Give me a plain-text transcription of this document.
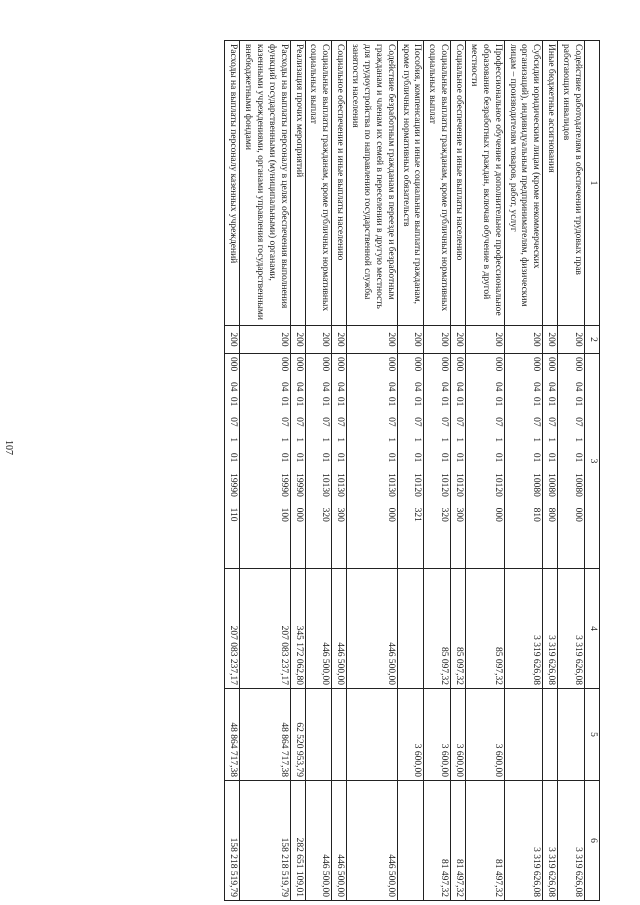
107
1	2	3	4	5	6
Содействие работодателям в обеспечении трудовых прав работающих инвалидов	200	000  04 01  07  1  01  10080  000	3 319 626,08		3 319 626,08
Иные бюджетные ассигнования	200	000  04 01  07  1  01  10080  800	3 319 626,08		3 319 626,08
Субсидии юридическим лицам (кроме некоммерческих организаций), индивидуальным предпринимателям, физическим лицам – производителям товаров, работ, услуг	200	000  04 01  07  1  01  10080  810	3 319 626,08		3 319 626,08
Профессиональное обучение и дополнительное профессиональное образование безработных граждан, включая обучение в другой местности	200	000  04 01  07  1  01  10120  000	85 097,32	3 600,00	81 497,32
Социальное обеспечение и иные выплаты населению	200	000  04 01  07  1  01  10120  300	85 097,32	3 600,00	81 497,32
Социальные выплаты гражданам, кроме публичных нормативных социальных выплат	200	000  04 01  07  1  01  10120  320	85 097,32	3 600,00	81 497,32
Пособия, компенсации и иные социальные выплаты гражданам, кроме публичных нормативных обязательств	200	000  04 01  07  1  01  10120  321		3 600,00	
Содействие безработным гражданам в переезде и безработным гражданам и членам их семей в переселении в другую местность для трудоустройства по направлению государственной службы занятости населения	200	000  04 01  07  1  01  10130  000	446 500,00		446 500,00
Социальное обеспечение и иные выплаты населению	200	000  04 01  07  1  01  10130  300	446 500,00		446 500,00
Социальные выплаты гражданам, кроме публичных нормативных социальных выплат	200	000  04 01  07  1  01  10130  320	446 500,00		446 500,00
Реализация прочих мероприятий	200	000  04 01  07  1  01  19990  000	345 172 062,80	62 520 953,79	282 651 109,01
Расходы на выплаты персоналу в целях обеспечения выполнения функций государственными (муниципальными) органами, казенными учреждениями, органами управления государственными внебюджетными фондами	200	000  04 01  07  1  01  19990  100	207 083 237,17	48 864 717,38	158 218 519,79
Расходы на выплаты персоналу казенных учреждений	200	000  04 01  07  1  01  19990  110	207 083 237,17	48 864 717,38	158 218 519,79
